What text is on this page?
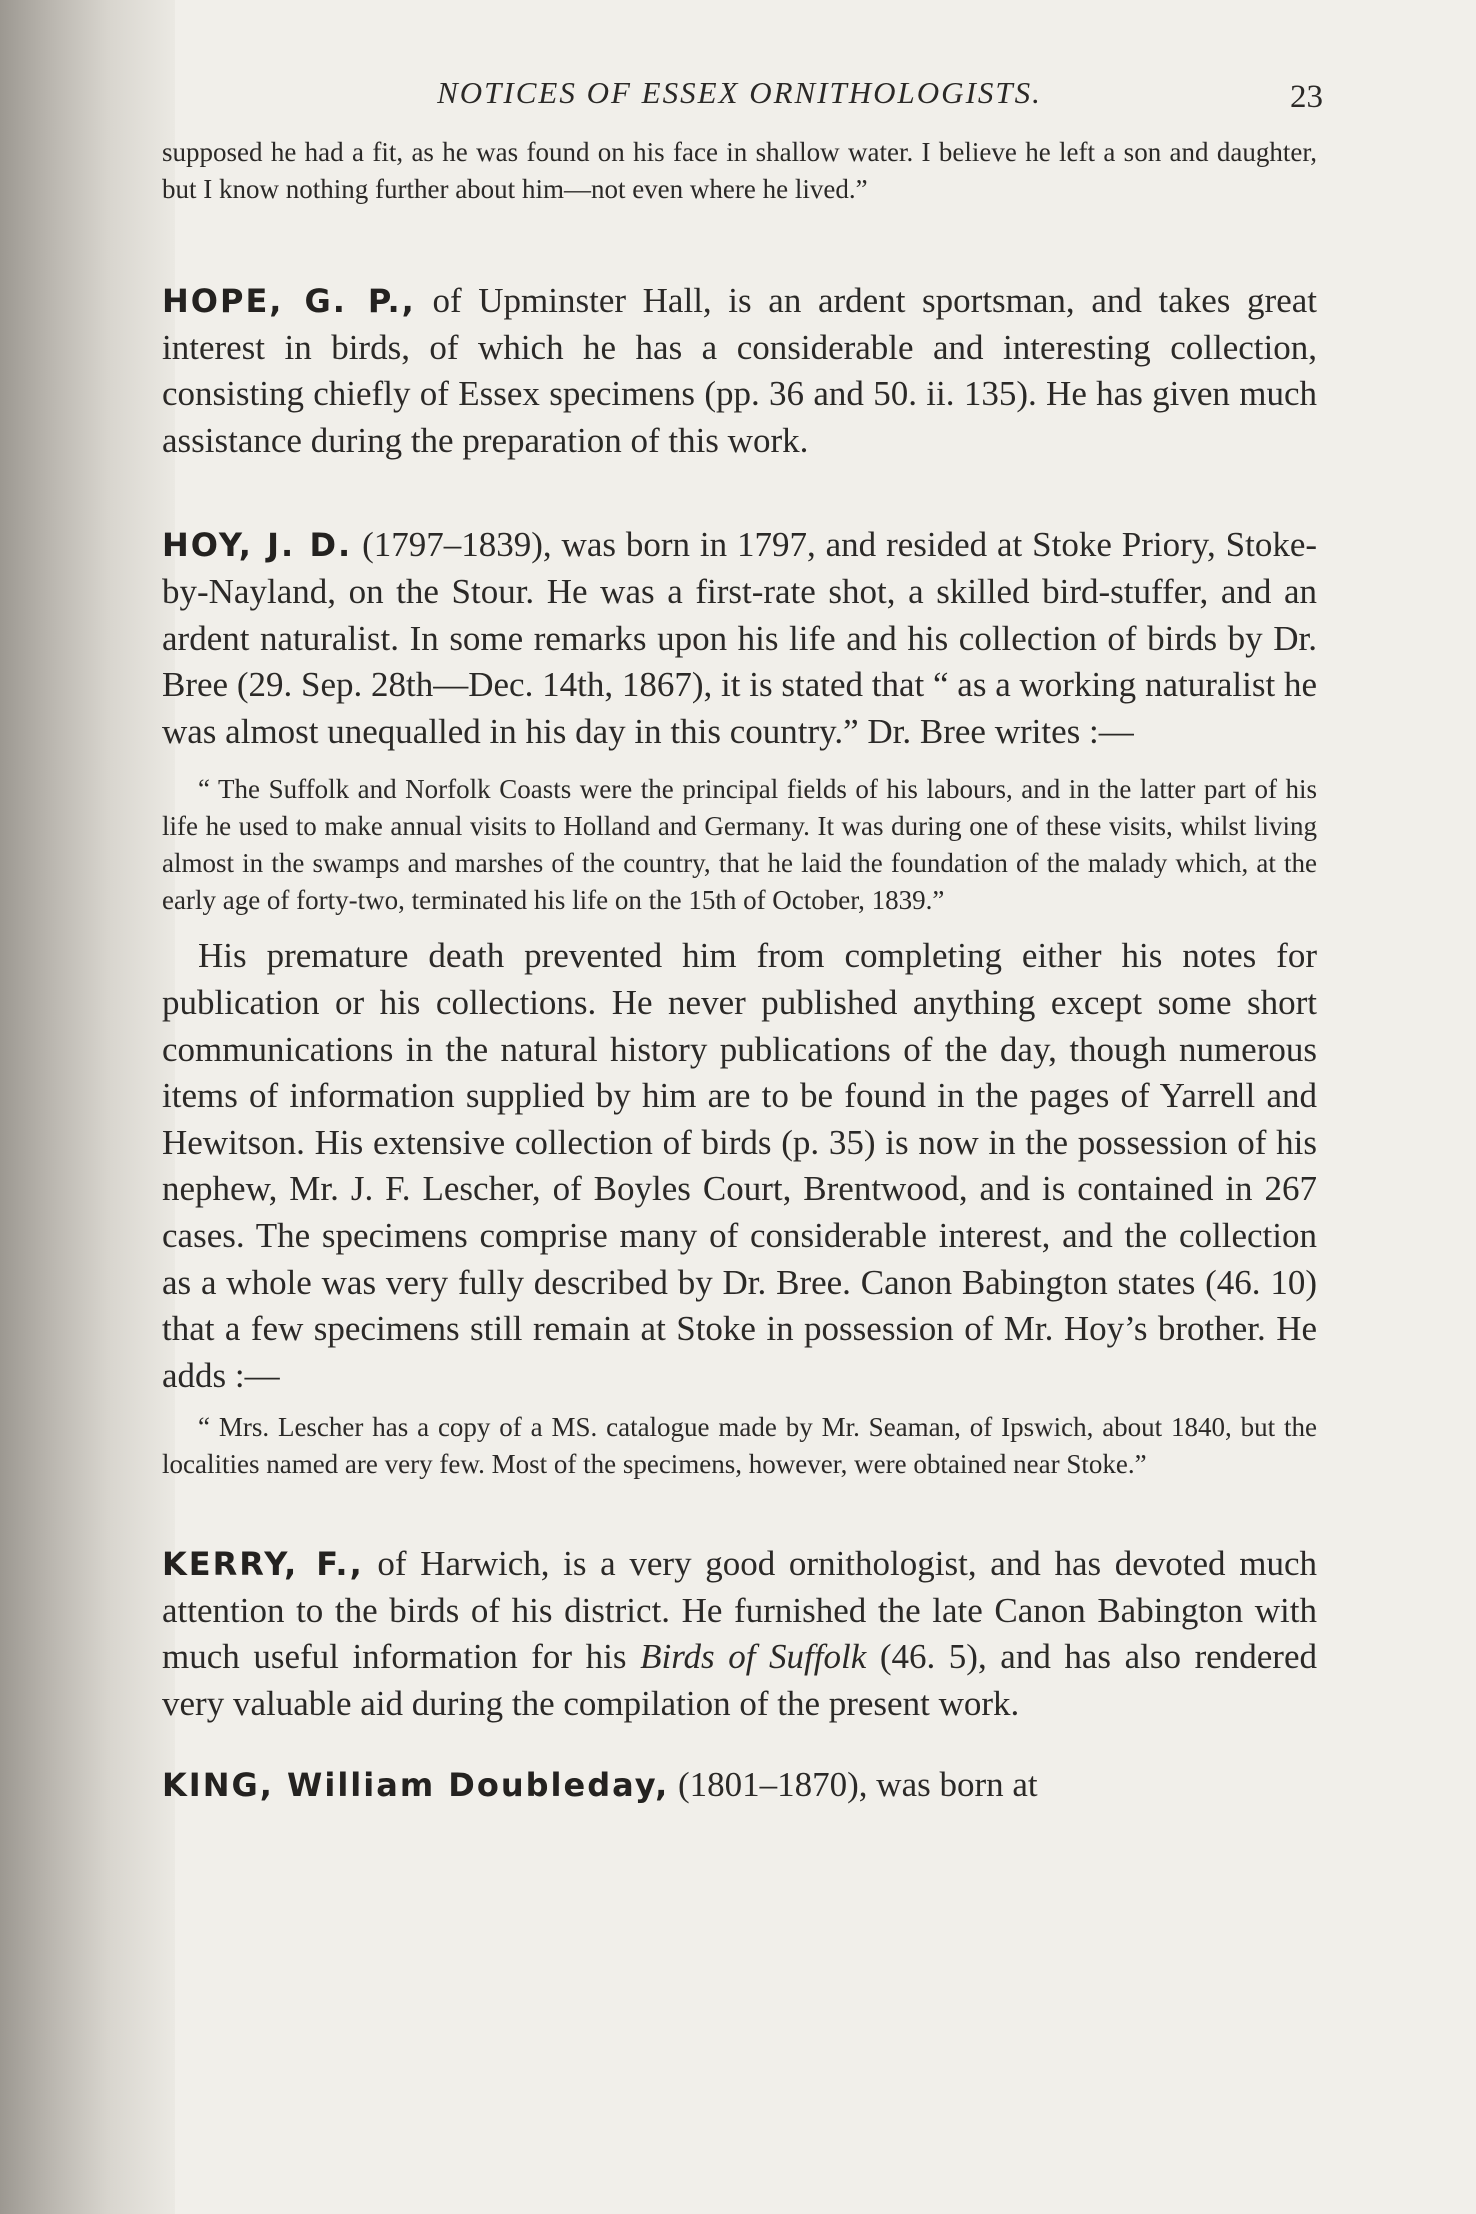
NOTICES OF ESSEX ORNITHOLOGISTS.	23

supposed he had a fit, as he was found on his face in shallow water. I believe he left a son and daughter, but I know nothing further about him—not even where he lived.”

HOPE, G. P., of Upminster Hall, is an ardent sportsman, and takes great interest in birds, of which he has a considerable and interesting collection, consisting chiefly of Essex specimens (pp. 36 and 50. ii. 135). He has given much assistance during the preparation of this work.

HOY, J. D. (1797–1839), was born in 1797, and resided at Stoke Priory, Stoke-by-Nayland, on the Stour. He was a first-rate shot, a skilled bird-stuffer, and an ardent naturalist. In some remarks upon his life and his collection of birds by Dr. Bree (29. Sep. 28th—Dec. 14th, 1867), it is stated that “ as a working naturalist he was almost unequalled in his day in this country.” Dr. Bree writes :—

“ The Suffolk and Norfolk Coasts were the principal fields of his labours, and in the latter part of his life he used to make annual visits to Holland and Germany. It was during one of these visits, whilst living almost in the swamps and marshes of the country, that he laid the foundation of the malady which, at the early age of forty-two, terminated his life on the 15th of October, 1839.”

His premature death prevented him from completing either his notes for publication or his collections. He never published anything except some short communications in the natural history publications of the day, though numerous items of information supplied by him are to be found in the pages of Yarrell and Hewitson. His extensive collection of birds (p. 35) is now in the possession of his nephew, Mr. J. F. Lescher, of Boyles Court, Brentwood, and is contained in 267 cases. The specimens comprise many of considerable interest, and the collection as a whole was very fully described by Dr. Bree. Canon Babington states (46. 10) that a few specimens still remain at Stoke in possession of Mr. Hoy’s brother. He adds :—

“ Mrs. Lescher has a copy of a MS. catalogue made by Mr. Seaman, of Ipswich, about 1840, but the localities named are very few. Most of the specimens, however, were obtained near Stoke.”

KERRY, F., of Harwich, is a very good ornithologist, and has devoted much attention to the birds of his district. He furnished the late Canon Babington with much useful information for his Birds of Suffolk (46. 5), and has also rendered very valuable aid during the compilation of the present work.

KING, William Doubleday, (1801–1870), was born at
